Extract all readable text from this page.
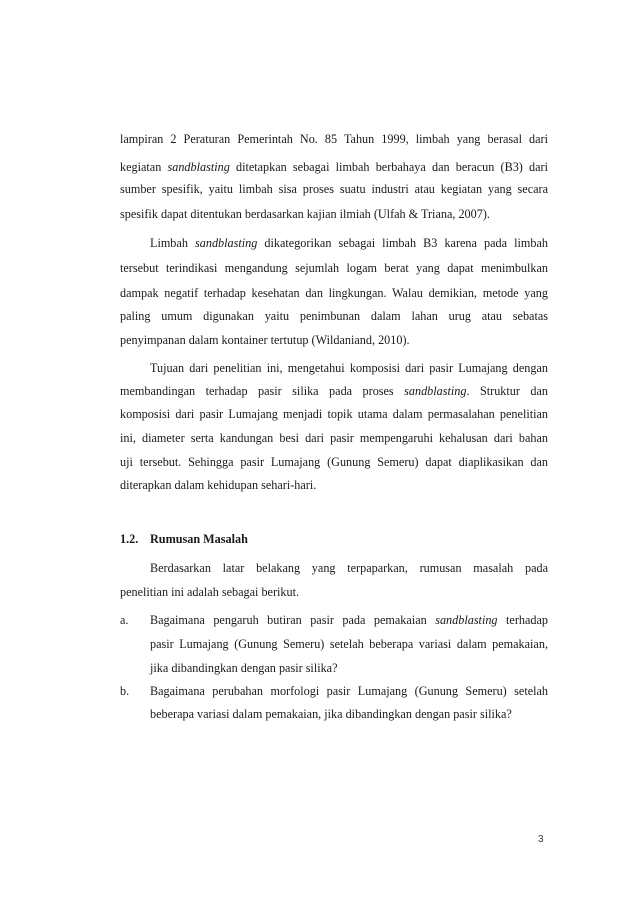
lampiran 2 Peraturan Pemerintah No. 85 Tahun 1999, limbah yang berasal dari
kegiatan sandblasting ditetapkan sebagai limbah berbahaya dan beracun (B3) dari
sumber spesifik, yaitu limbah sisa proses suatu industri atau kegiatan yang secara
spesifik dapat ditentukan berdasarkan kajian ilmiah (Ulfah & Triana, 2007).
Limbah sandblasting dikategorikan sebagai limbah B3 karena pada limbah
tersebut terindikasi mengandung sejumlah logam berat yang dapat menimbulkan
dampak negatif terhadap kesehatan dan lingkungan. Walau demikian, metode yang
paling umum digunakan yaitu penimbunan dalam lahan urug atau sebatas
penyimpanan dalam kontainer tertutup (Wildaniand, 2010).
Tujuan dari penelitian ini, mengetahui komposisi dari pasir Lumajang dengan
membandingan terhadap pasir silika pada proses sandblasting. Struktur dan
komposisi dari pasir Lumajang menjadi topik utama dalam permasalahan penelitian
ini, diameter serta kandungan besi dari pasir mempengaruhi kehalusan dari bahan
uji tersebut. Sehingga pasir Lumajang (Gunung Semeru) dapat diaplikasikan dan
diterapkan dalam kehidupan sehari-hari.
1.2. Rumusan Masalah
Berdasarkan latar belakang yang terpaparkan, rumusan masalah pada
penelitian ini adalah sebagai berikut.
a. Bagaimana pengaruh butiran pasir pada pemakaian sandblasting terhadap
pasir Lumajang (Gunung Semeru) setelah beberapa variasi dalam pemakaian,
jika dibandingkan dengan pasir silika?
b. Bagaimana perubahan morfologi pasir Lumajang (Gunung Semeru) setelah
beberapa variasi dalam pemakaian, jika dibandingkan dengan pasir silika?
3
